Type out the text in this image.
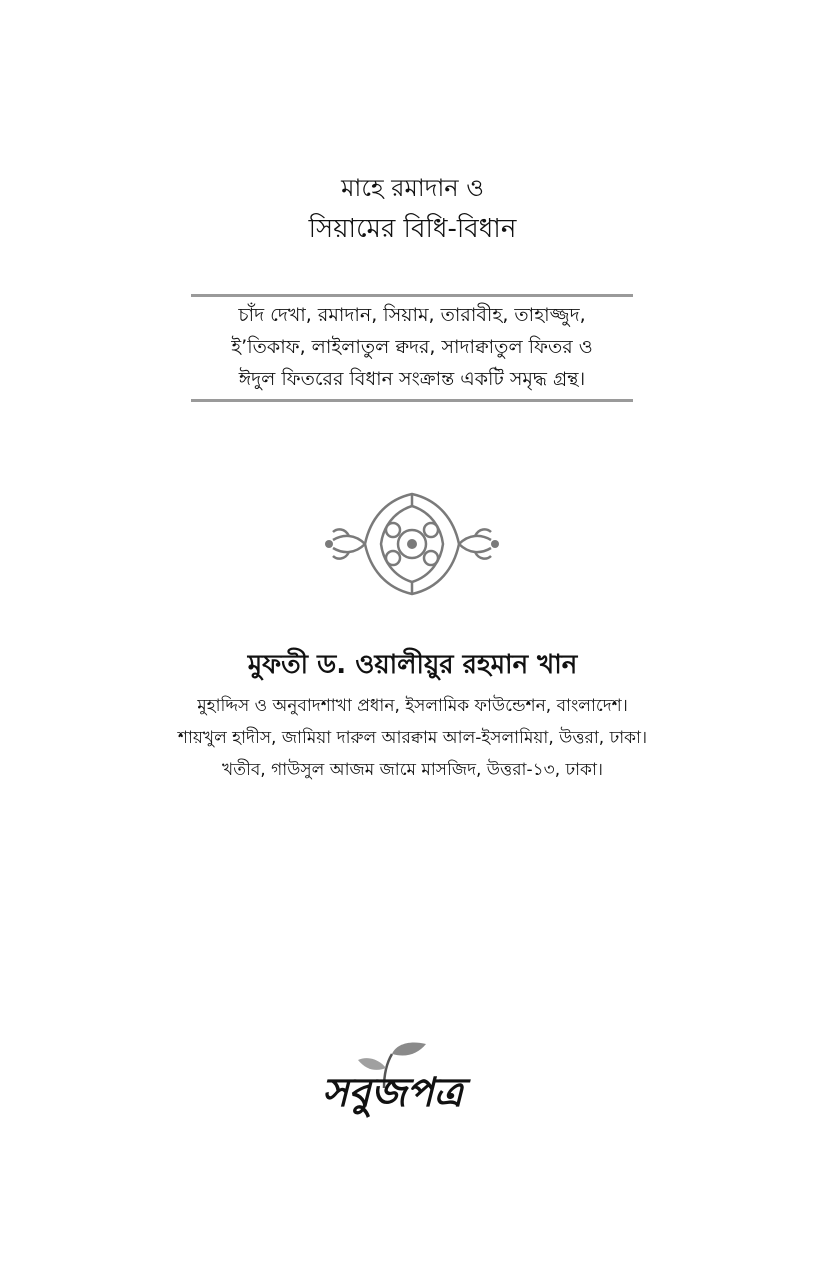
মাহে রমাদান ও
সিয়ামের বিধি-বিধান
চাঁদ দেখা, রমাদান, সিয়াম, তারাবীহ, তাহাজ্জুদ,
ই’তিকাফ, লাইলাতুল ক্বদর, সাদাক্বাতুল ফিতর ও
ঈদুল ফিতরের বিধান সংক্রান্ত একটি সমৃদ্ধ গ্রন্থ।
মুফতী ড. ওয়ালীয়ুর রহমান খান
মুহাদ্দিস ও অনুবাদশাখা প্রধান, ইসলামিক ফাউন্ডেশন, বাংলাদেশ।
শায়খুল হাদীস, জামিয়া দারুল আরক্বাম আল-ইসলামিয়া, উত্তরা, ঢাকা।
খতীব, গাউসুল আজম জামে মাসজিদ, উত্তরা-১৩, ঢাকা।
সবুজপত্র
